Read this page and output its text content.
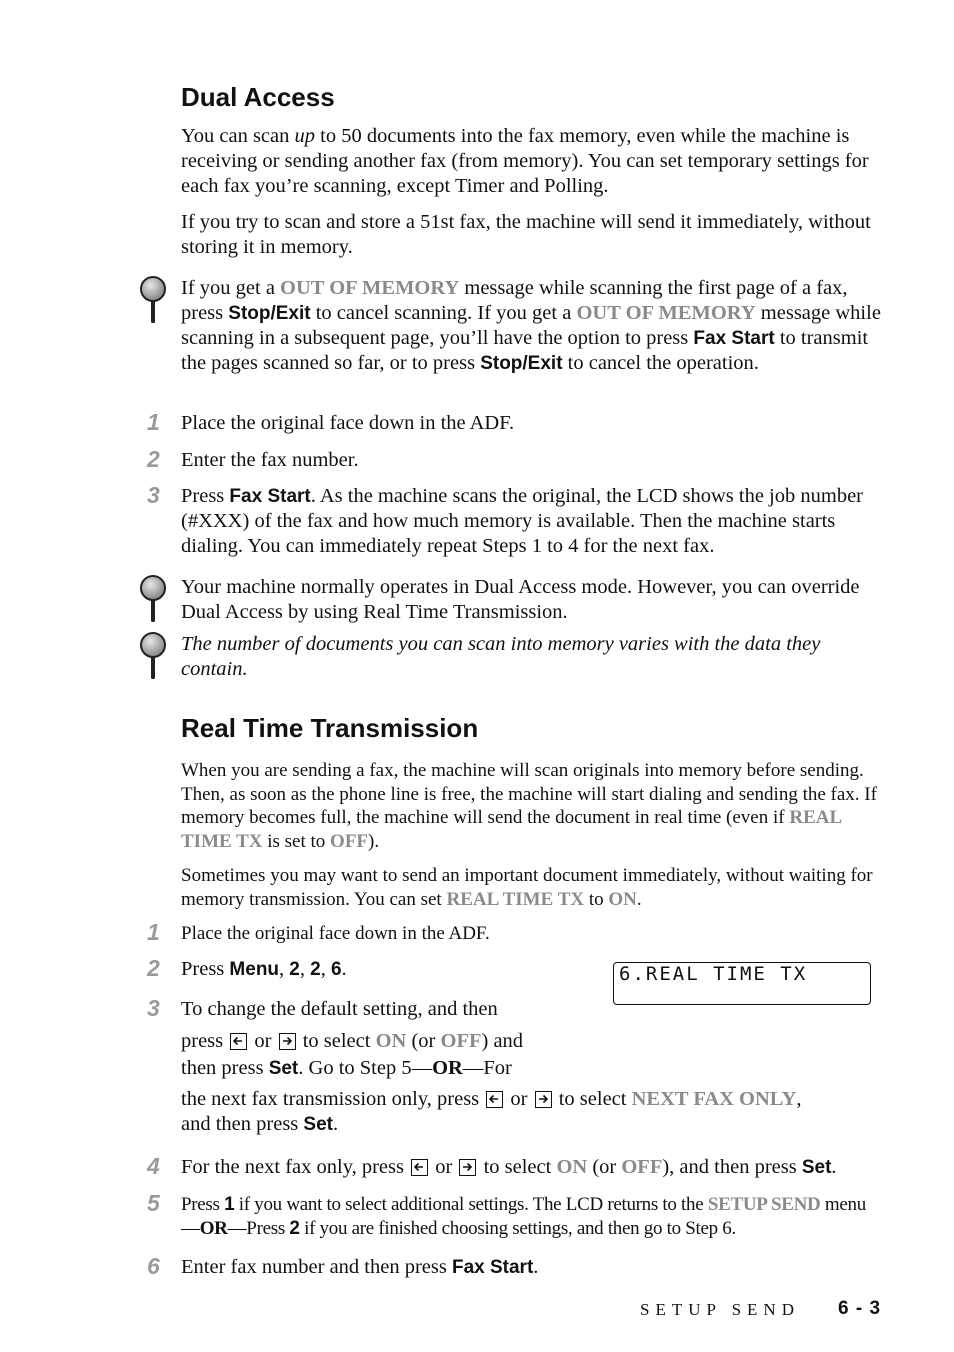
Dual Access

You can scan up to 50 documents into the fax memory, even while the machine is receiving or sending another fax (from memory). You can set temporary settings for each fax you’re scanning, except Timer and Polling.

If you try to scan and store a 51st fax, the machine will send it immediately, without storing it in memory.

If you get a OUT OF MEMORY message while scanning the first page of a fax, press Stop/Exit to cancel scanning. If you get a OUT OF MEMORY message while scanning in a subsequent page, you’ll have the option to press Fax Start to transmit the pages scanned so far, or to press Stop/Exit to cancel the operation.

1 Place the original face down in the ADF.

2 Enter the fax number.

3 Press Fax Start. As the machine scans the original, the LCD shows the job number (#XXX) of the fax and how much memory is available. Then the machine starts dialing. You can immediately repeat Steps 1 to 4 for the next fax.

Your machine normally operates in Dual Access mode. However, you can override Dual Access by using Real Time Transmission.

The number of documents you can scan into memory varies with the data they contain.

Real Time Transmission

When you are sending a fax, the machine will scan originals into memory before sending. Then, as soon as the phone line is free, the machine will start dialing and sending the fax. If memory becomes full, the machine will send the document in real time (even if REAL TIME TX is set to OFF).

Sometimes you may want to send an important document immediately, without waiting for memory transmission. You can set REAL TIME TX to ON.

1 Place the original face down in the ADF.

2 Press Menu, 2, 2, 6.	6.REAL TIME TX
3 To change the default setting, and then

press
or
to select ON (or OFF) and

then press Set. Go to Step 5—OR—For

the next fax transmission only, press
or
to select NEXT FAX ONLY,

and then press Set.

4 For the next fax only, press
or
to select ON (or OFF), and then press Set.

5 Press 1 if you want to select additional settings. The LCD returns to the SETUP SEND menu—OR—Press 2 if you are finished choosing settings, and then go to Step 6.

6 Enter fax number and then press Fax Start.

SETUP SEND 6 - 3
